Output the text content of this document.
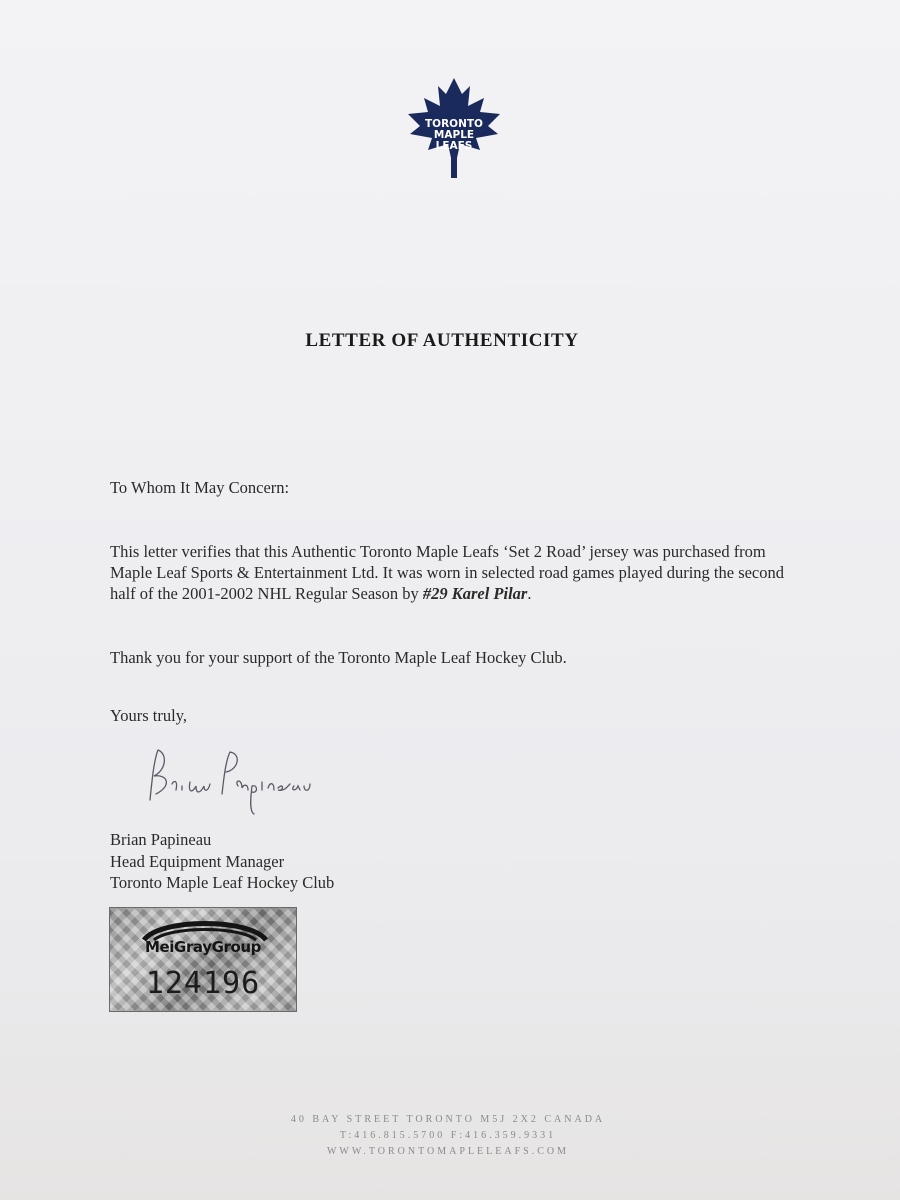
TORONTO
MAPLE
LEAFS
LETTER OF AUTHENTICITY
To Whom It May Concern:
This letter verifies that this Authentic Toronto Maple Leafs ‘Set 2 Road’ jersey was purchased from Maple Leaf Sports & Entertainment Ltd. It was worn in selected road games played during the second half of the 2001-2002 NHL Regular Season by #29 Karel Pilar.
Thank you for your support of the Toronto Maple Leaf Hockey Club.
Yours truly,
Brian Papineau
Head Equipment Manager
Toronto Maple Leaf Hockey Club
MeiGrayGroup
124196
40 BAY STREET TORONTO M5J 2X2 CANADA
T:416.815.5700 F:416.359.9331
WWW.TORONTOMAPLELEAFS.COM
